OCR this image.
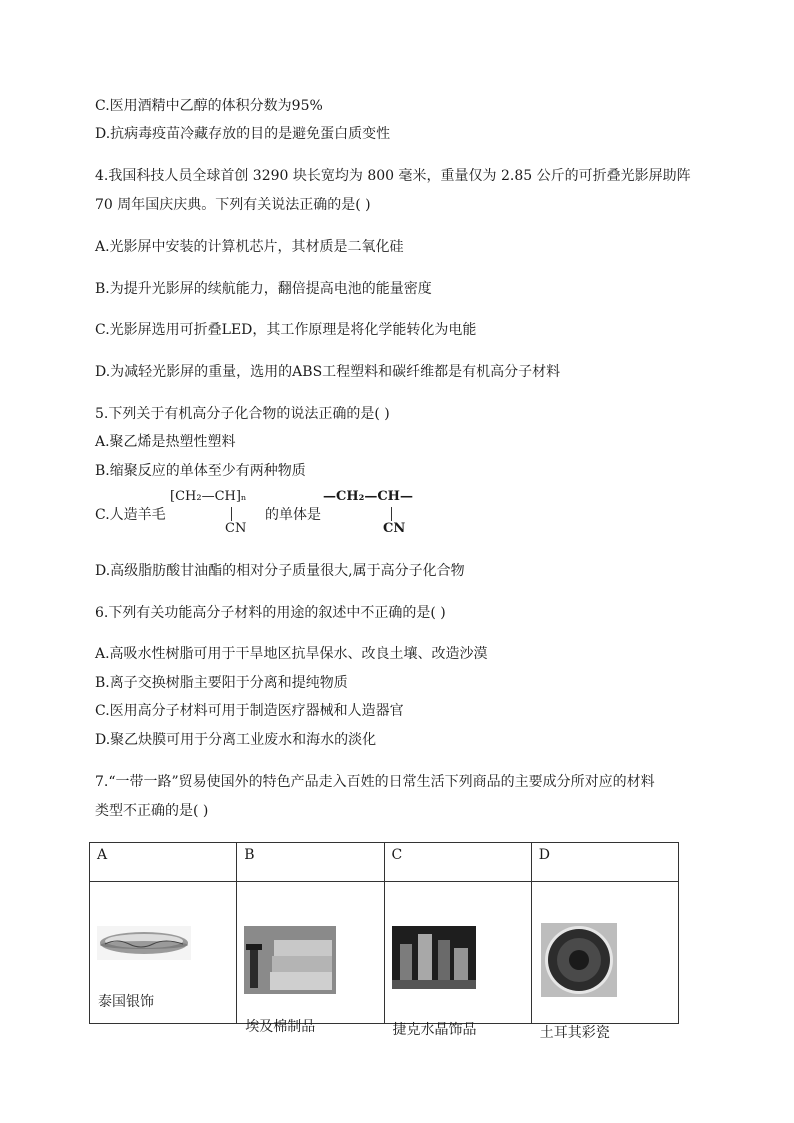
C.医用酒精中乙醇的体积分数为95%
D.抗病毒疫苗冷藏存放的目的是避免蛋白质变性
4.我国科技人员全球首创 3290 块长宽均为 800 毫米，重量仅为 2.85 公斤的可折叠光影屏助阵
70 周年国庆庆典。下列有关说法正确的是( )
A.光影屏中安装的计算机芯片，其材质是二氧化硅
B.为提升光影屏的续航能力，翻倍提高电池的能量密度
C.光影屏选用可折叠LED，其工作原理是将化学能转化为电能
D.为减轻光影屏的重量，选用的ABS工程塑料和碳纤维都是有机高分子材料
5.下列关于有机高分子化合物的说法正确的是( )
A.聚乙烯是热塑性塑料
B.缩聚反应的单体至少有两种物质
C.人造羊毛
[CH₂—CH]ₙ
CN
的单体是
—CH₂—CH—
CN
D.高级脂肪酸甘油酯的相对分子质量很大,属于高分子化合物
6.下列有关功能高分子材料的用途的叙述中不正确的是( )
A.高吸水性树脂可用于干旱地区抗旱保水、改良土壤、改造沙漠
B.离子交换树脂主要阳于分离和提纯物质
C.医用高分子材料可用于制造医疗器械和人造器官
D.聚乙炔膜可用于分离工业废水和海水的淡化
7.“一带一路”贸易使国外的特色产品走入百姓的日常生活下列商品的主要成分所对应的材料
类型不正确的是( )
A	B	C	D

泰国银饰	埃及棉制品	捷克水晶饰品	土耳其彩瓷
